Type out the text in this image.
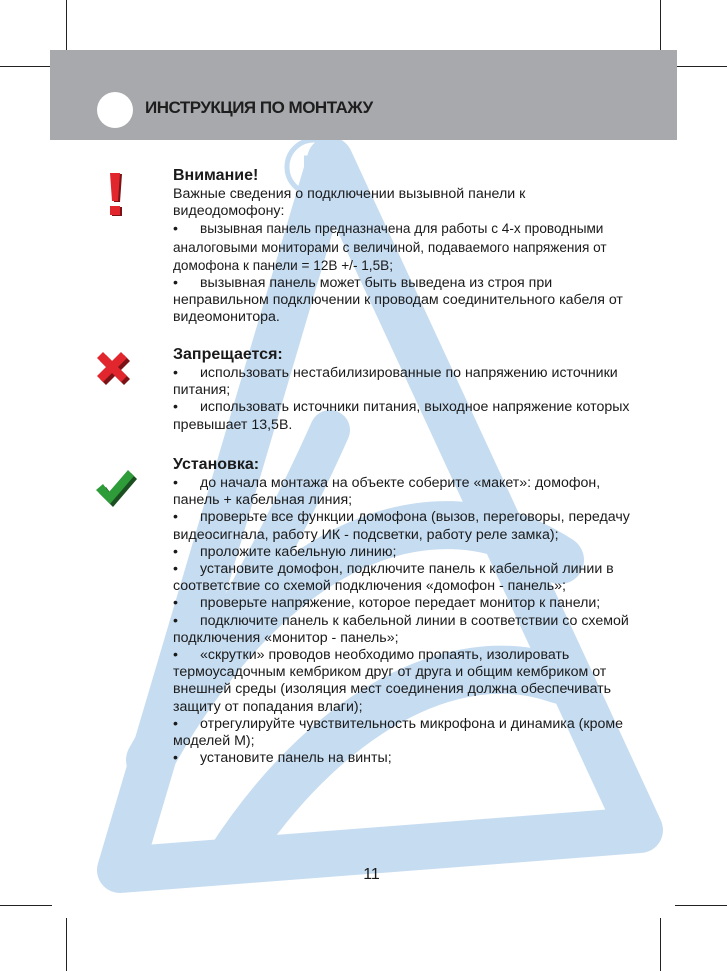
R
ИНСТРУКЦИЯ ПО МОНТАЖУ
Внимание!

Важные сведения о подключении вызывной панели к видеодомофону:

• вызывная панель предназначена для работы с 4-х проводными аналоговыми мониторами с величиной, подаваемого напряжения от домофона к панели = 12В +/- 1,5В;

• вызывная панель может быть выведена из строя при неправильном подключении к проводам соединительного кабеля от видеомонитора.

Запрещается:

• использовать нестабилизированные по напряжению источники питания;

• использовать источники питания, выходное напряжение которых превышает 13,5В.

Установка:

• до начала монтажа на объекте соберите «макет»: домофон, панель + кабельная линия;

• проверьте все функции домофона (вызов, переговоры, передачу видеосигнала, работу ИК - подсветки, работу реле замка);

• проложите кабельную линию;

• установите домофон, подключите панель к кабельной линии в соответствие со схемой подключения «домофон - панель»;

• проверьте напряжение, которое передает монитор к панели;

• подключите панель к кабельной линии в соответствии со схемой подключения «монитор - панель»;

• «скрутки» проводов необходимо пропаять, изолировать термоусадочным кембриком друг от друга и общим кембриком от внешней среды (изоляция мест соединения должна обеспечивать защиту от попадания влаги);

• отрегулируйте чувствительность микрофона и динамика (кроме моделей M);

• установите панель на винты;

11
